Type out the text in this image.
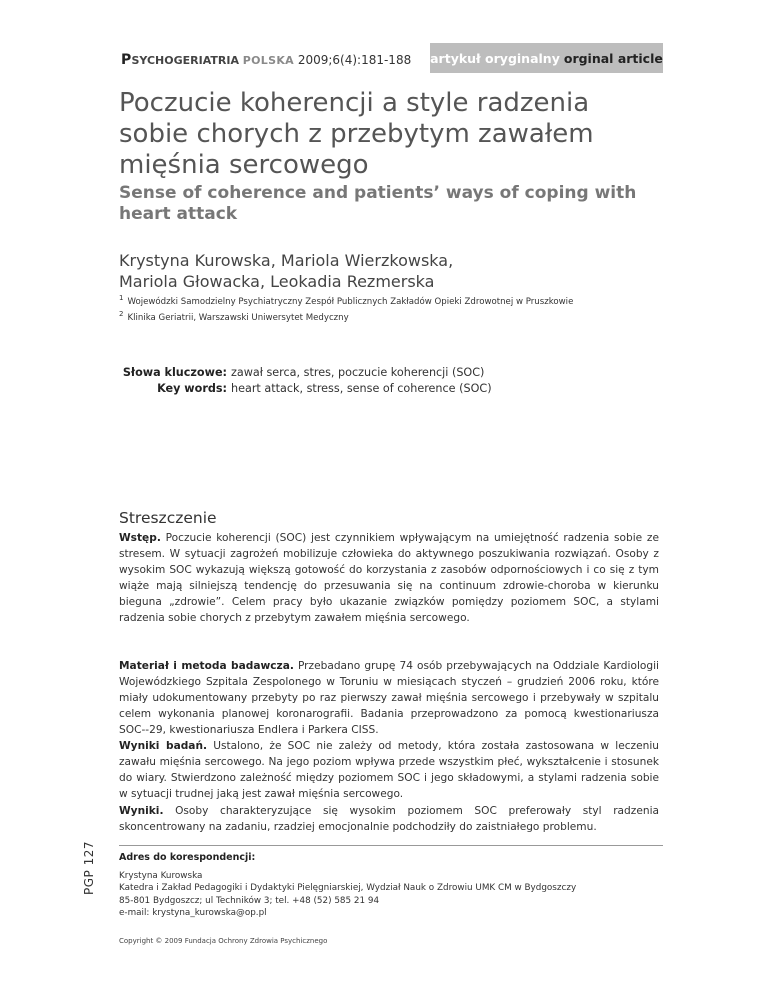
PSYCHOGERIATRIA POLSKA 2009;6(4):181-188 artykuł oryginalny orginal article
Poczucie koherencji a style radzenia sobie chorych z przebytym zawałem mięśnia sercowego
Sense of coherence and patients’ ways of coping with heart attack
Krystyna Kurowska, Mariola Wierzkowska,
Mariola Głowacka, Leokadia Rezmerska
$^1$ Wojewódzki Samodzielny Psychiatryczny Zespół Publicznych Zakładów Opieki Zdrowotnej w Pruszkowie
$^2$ Klinika Geriatrii, Warszawski Uniwersytet Medyczny
Słowa kluczowe: zawał serca, stres, poczucie koherencji (SOC)
Key words: heart attack, stress, sense of coherence (SOC)
Streszczenie

Wstęp. Poczucie koherencji (SOC) jest czynnikiem wpływającym na umiejętność radzenia sobie ze stresem. W sytuacji zagrożeń mobilizuje człowieka do aktywnego poszukiwania rozwiązań. Osoby z wysokim SOC wykazują większą gotowość do korzystania z zasobów odpornościowych i co się z tym wiąże mają silniejszą tendencję do przesuwania się na continuum zdrowie-choroba w kierunku bieguna „zdrowie”. Celem pracy było ukazanie związków pomiędzy poziomem SOC, a stylami radzenia sobie chorych z przebytym zawałem mięśnia sercowego.

Materiał i metoda badawcza. Przebadano grupę 74 osób przebywających na Oddziale Kardiologii Wojewódzkiego Szpitala Zespolonego w Toruniu w miesiącach styczeń – grudzień 2006 roku, które miały udokumentowany przebyty po raz pierwszy zawał mięśnia sercowego i przebywały w szpitalu celem wykonania planowej koronarografii. Badania przeprowadzono za pomocą kwestionariusza SOC--29, kwestionariusza Endlera i Parkera CISS.

Wyniki badań. Ustalono, że SOC nie zależy od metody, która została zastosowana w leczeniu zawału mięśnia sercowego. Na jego poziom wpływa przede wszystkim płeć, wykształcenie i stosunek do wiary. Stwierdzono zależność między poziomem SOC i jego składowymi, a stylami radzenia sobie w sytuacji trudnej jaką jest zawał mięśnia sercowego.

Wyniki. Osoby charakteryzujące się wysokim poziomem SOC preferowały styl radzenia skoncentrowany na zadaniu, rzadziej emocjonalnie podchodziły do zaistniałego problemu.

PGP 127 Adres do korespondencji:
Krystyna Kurowska
Katedra i Zakład Pedagogiki i Dydaktyki Pielęgniarskiej, Wydział Nauk o Zdrowiu UMK CM w Bydgoszczy
85-801 Bydgoszcz; ul Techników 3; tel. +48 (52) 585 21 94
e-mail: krystyna_kurowska@op.pl
Copyright © 2009 Fundacja Ochrony Zdrowia Psychicznego
